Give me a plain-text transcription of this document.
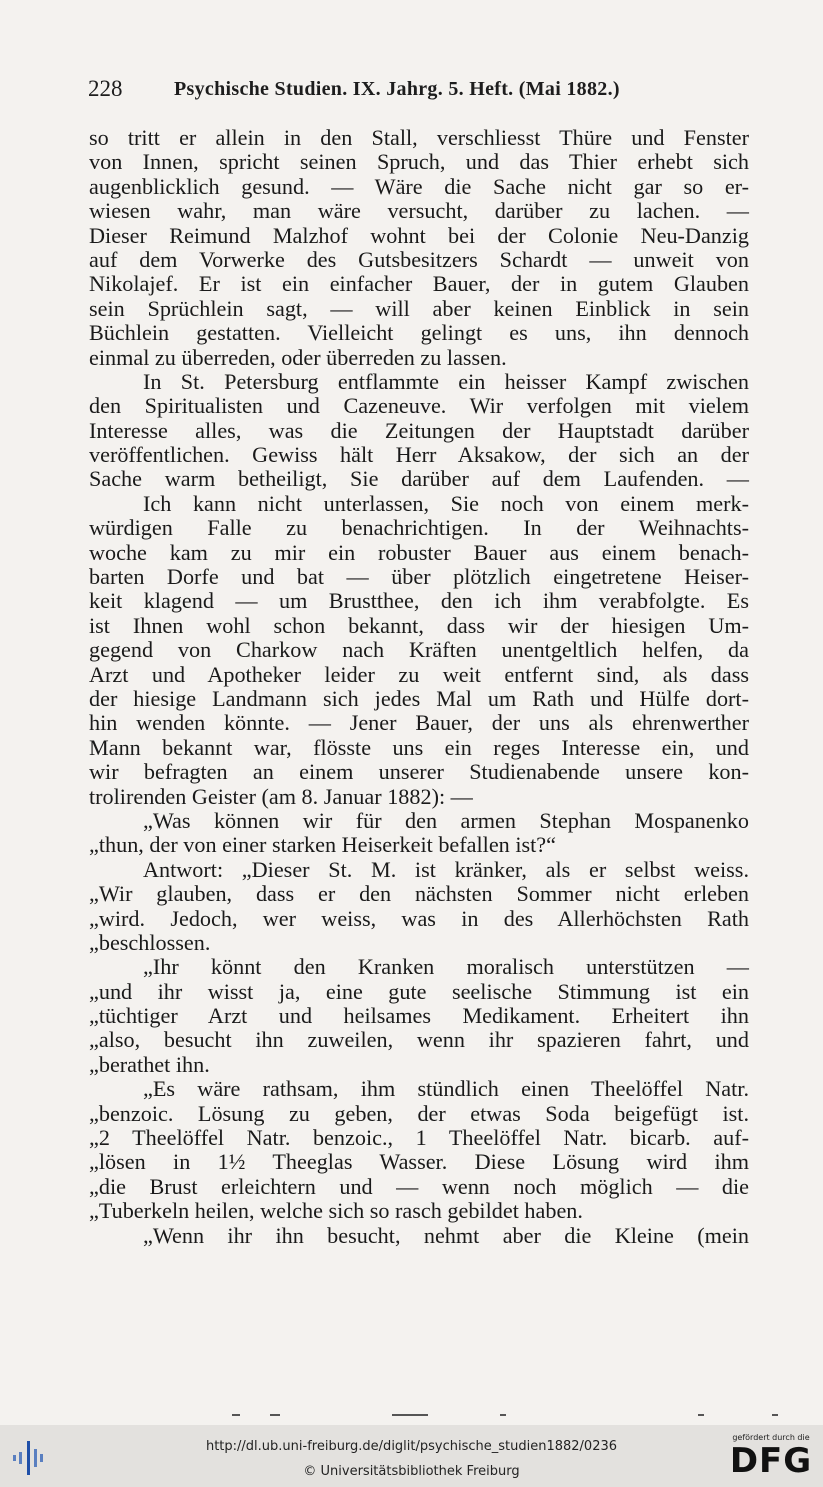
228	Psychische Studien. IX. Jahrg. 5. Heft. (Mai 1882.)
so tritt er allein in den Stall, verschliesst Thüre und Fenster
von Innen, spricht seinen Spruch, und das Thier erhebt sich
augenblicklich gesund. — Wäre die Sache nicht gar so er-
wiesen wahr, man wäre versucht, darüber zu lachen. —
Dieser Reimund Malzhof wohnt bei der Colonie Neu-Danzig
auf dem Vorwerke des Gutsbesitzers Schardt — unweit von
Nikolajef. Er ist ein einfacher Bauer, der in gutem Glauben
sein Sprüchlein sagt, — will aber keinen Einblick in sein
Büchlein gestatten. Vielleicht gelingt es uns, ihn dennoch
einmal zu überreden, oder überreden zu lassen.
In St. Petersburg entflammte ein heisser Kampf zwischen
den Spiritualisten und Cazeneuve. Wir verfolgen mit vielem
Interesse alles, was die Zeitungen der Hauptstadt darüber
veröffentlichen. Gewiss hält Herr Aksakow, der sich an der
Sache warm betheiligt, Sie darüber auf dem Laufenden. —
Ich kann nicht unterlassen, Sie noch von einem merk-
würdigen Falle zu benachrichtigen. In der Weihnachts-
woche kam zu mir ein robuster Bauer aus einem benach-
barten Dorfe und bat — über plötzlich eingetretene Heiser-
keit klagend — um Brustthee, den ich ihm verabfolgte. Es
ist Ihnen wohl schon bekannt, dass wir der hiesigen Um-
gegend von Charkow nach Kräften unentgeltlich helfen, da
Arzt und Apotheker leider zu weit entfernt sind, als dass
der hiesige Landmann sich jedes Mal um Rath und Hülfe dort-
hin wenden könnte. — Jener Bauer, der uns als ehrenwerther
Mann bekannt war, flösste uns ein reges Interesse ein, und
wir befragten an einem unserer Studienabende unsere kon-
trolirenden Geister (am 8. Januar 1882): —
„Was können wir für den armen Stephan Mospanenko
„thun, der von einer starken Heiserkeit befallen ist?“
Antwort: „Dieser St. M. ist kränker, als er selbst weiss.
„Wir glauben, dass er den nächsten Sommer nicht erleben
„wird. Jedoch, wer weiss, was in des Allerhöchsten Rath
„beschlossen.
„Ihr könnt den Kranken moralisch unterstützen —
„und ihr wisst ja, eine gute seelische Stimmung ist ein
„tüchtiger Arzt und heilsames Medikament. Erheitert ihn
„also, besucht ihn zuweilen, wenn ihr spazieren fahrt, und
„berathet ihn.
„Es wäre rathsam, ihm stündlich einen Theelöffel Natr.
„benzoic. Lösung zu geben, der etwas Soda beigefügt ist.
„2 Theelöffel Natr. benzoic., 1 Theelöffel Natr. bicarb. auf-
„lösen in 1½ Theeglas Wasser. Diese Lösung wird ihm
„die Brust erleichtern und — wenn noch möglich — die
„Tuberkeln heilen, welche sich so rasch gebildet haben.
„Wenn ihr ihn besucht, nehmt aber die Kleine (mein
http://dl.ub.uni-freiburg.de/diglit/psychische_studien1882/0236
© Universitätsbibliothek Freiburg
gefördert durch die
DFG
